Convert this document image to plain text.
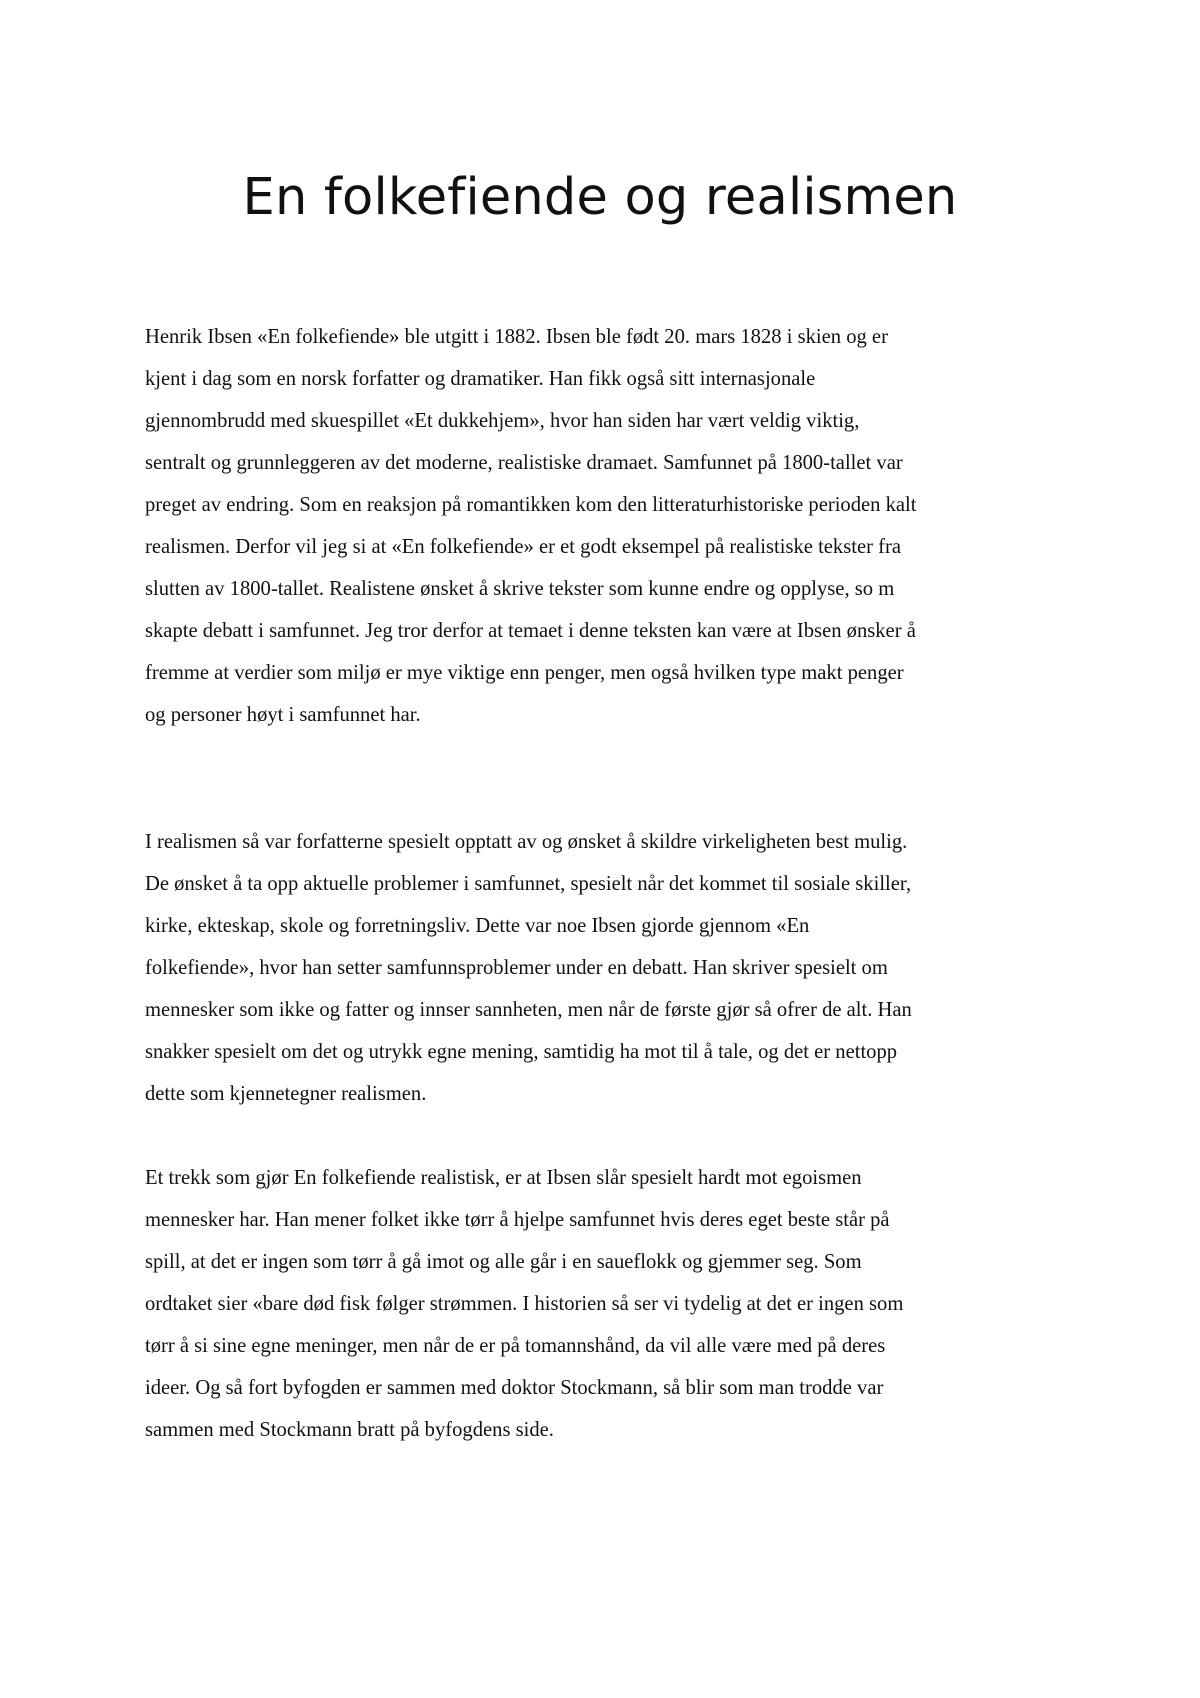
En folkefiende og realismen

Henrik Ibsen «En folkefiende» ble utgitt i 1882. Ibsen ble født 20. mars 1828 i skien og er
kjent i dag som en norsk forfatter og dramatiker. Han fikk også sitt internasjonale
gjennombrudd med skuespillet «Et dukkehjem», hvor han siden har vært veldig viktig,
sentralt og grunnleggeren av det moderne, realistiske dramaet. Samfunnet på 1800-tallet var
preget av endring. Som en reaksjon på romantikken kom den litteraturhistoriske perioden kalt
realismen. Derfor vil jeg si at «En folkefiende» er et godt eksempel på realistiske tekster fra
slutten av 1800-tallet. Realistene ønsket å skrive tekster som kunne endre og opplyse, so m
skapte debatt i samfunnet. Jeg tror derfor at temaet i denne teksten kan være at Ibsen ønsker å
fremme at verdier som miljø er mye viktige enn penger, men også hvilken type makt penger
og personer høyt i samfunnet har.

I realismen så var forfatterne spesielt opptatt av og ønsket å skildre virkeligheten best mulig.
De ønsket å ta opp aktuelle problemer i samfunnet, spesielt når det kommet til sosiale skiller,
kirke, ekteskap, skole og forretningsliv. Dette var noe Ibsen gjorde gjennom «En
folkefiende», hvor han setter samfunnsproblemer under en debatt. Han skriver spesielt om
mennesker som ikke og fatter og innser sannheten, men når de første gjør så ofrer de alt. Han
snakker spesielt om det og utrykk egne mening, samtidig ha mot til å tale, og det er nettopp
dette som kjennetegner realismen.

Et trekk som gjør En folkefiende realistisk, er at Ibsen slår spesielt hardt mot egoismen
mennesker har. Han mener folket ikke tørr å hjelpe samfunnet hvis deres eget beste står på
spill, at det er ingen som tørr å gå imot og alle går i en saueflokk og gjemmer seg. Som
ordtaket sier «bare død fisk følger strømmen. I historien så ser vi tydelig at det er ingen som
tørr å si sine egne meninger, men når de er på tomannshånd, da vil alle være med på deres
ideer. Og så fort byfogden er sammen med doktor Stockmann, så blir som man trodde var
sammen med Stockmann bratt på byfogdens side.
